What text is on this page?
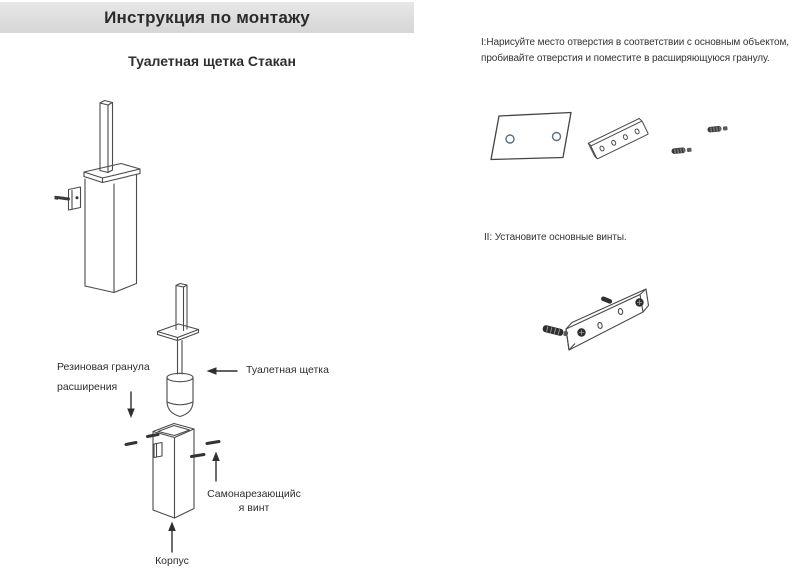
Инструкция по монтажу
Туалетная щетка Стакан
I:Нарисуйте место отверстия в соответствии с основным объектом,
пробивайте отверстия и поместите в расширяющуюся гранулу.
II: Установите основные винты.
Резиновая гранула расширения
Туалетная щетка
Самонарезающийс
я винт
Корпус
